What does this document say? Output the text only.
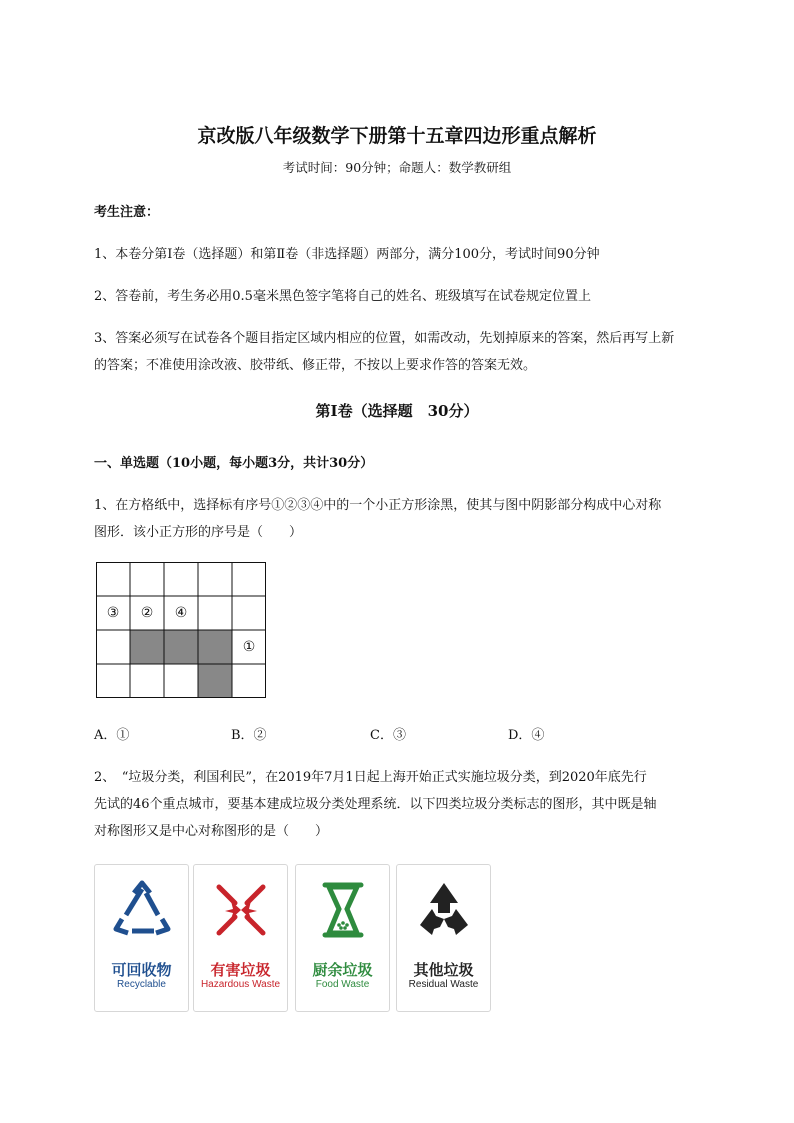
京改版八年级数学下册第十五章四边形重点解析
考试时间：90分钟；命题人：数学教研组
考生注意：
1、本卷分第I卷（选择题）和第Ⅱ卷（非选择题）两部分，满分100分，考试时间90分钟
2、答卷前，考生务必用0.5毫米黑色签字笔将自己的姓名、班级填写在试卷规定位置上
3、答案必须写在试卷各个题目指定区域内相应的位置，如需改动，先划掉原来的答案，然后再写上新
的答案；不准使用涂改液、胶带纸、修正带，不按以上要求作答的答案无效。
第I卷（选择题　30分）
一、单选题（10小题，每小题3分，共计30分）
1、在方格纸中，选择标有序号①②③④中的一个小正方形涂黑，使其与图中阴影部分构成中心对称
图形．该小正方形的序号是（　　）
③	②	④
①
A．①	B．②	C．③	D．④
2、　“垃圾分类，利国利民”，在2019年7月1日起上海开始正式实施垃圾分类，到2020年底先行
先试的46个重点城市，要基本建成垃圾分类处理系统．以下四类垃圾分类标志的图形，其中既是轴
对称图形又是中心对称图形的是（　　）
可回收物
Recyclable
有害垃圾
Hazardous Waste
厨余垃圾
Food Waste
其他垃圾
Residual Waste
